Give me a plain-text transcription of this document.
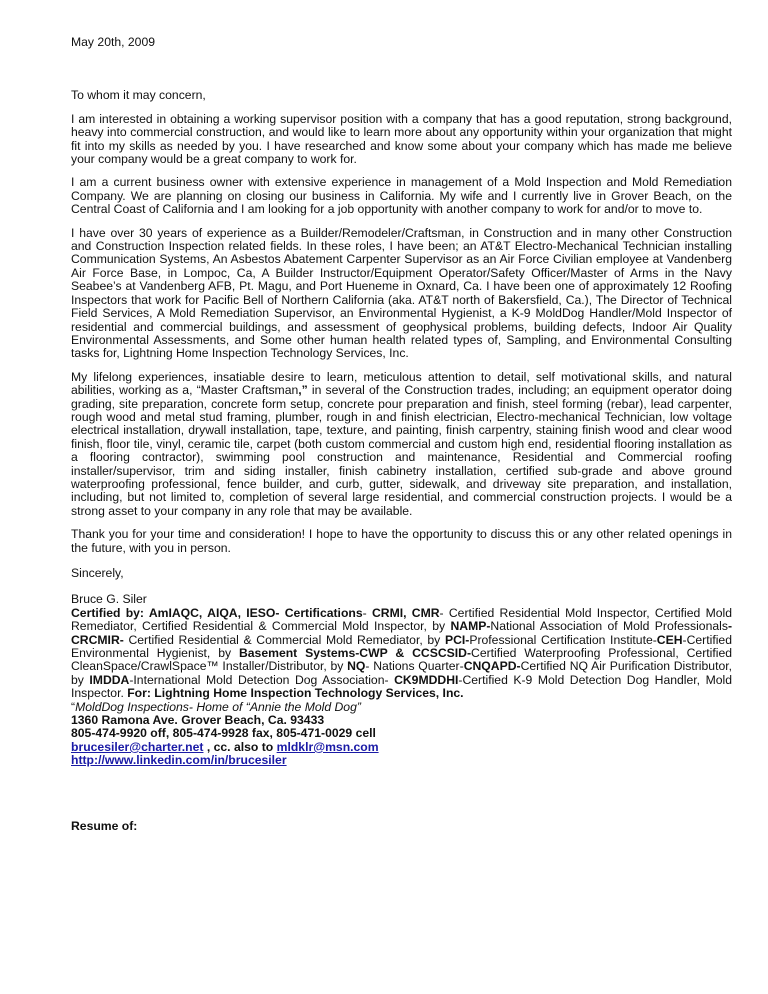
May 20th, 2009

To whom it may concern,

I am interested in obtaining a working supervisor position with a company that has a good reputation, strong background, heavy into commercial construction, and would like to learn more about any opportunity within your organization that might fit into my skills as needed by you. I have researched and know some about your company which has made me believe your company would be a great company to work for.

I am a current business owner with extensive experience in management of a Mold Inspection and Mold Remediation Company. We are planning on closing our business in California. My wife and I currently live in Grover Beach, on the Central Coast of California and I am looking for a job opportunity with another company to work for and/or to move to.

I have over 30 years of experience as a Builder/Remodeler/Craftsman, in Construction and in many other Construction and Construction Inspection related fields. In these roles, I have been; an AT&T Electro-Mechanical Technician installing Communication Systems, An Asbestos Abatement Carpenter Supervisor as an Air Force Civilian employee at Vandenberg Air Force Base, in Lompoc, Ca, A Builder Instructor/Equipment Operator/Safety Officer/Master of Arms in the Navy Seabee’s at Vandenberg AFB, Pt. Magu, and Port Hueneme in Oxnard, Ca. I have been one of approximately 12 Roofing Inspectors that work for Pacific Bell of Northern California (aka. AT&T north of Bakersfield, Ca.), The Director of Technical Field Services, A Mold Remediation Supervisor, an Environmental Hygienist, a K-9 MoldDog Handler/Mold Inspector of residential and commercial buildings, and assessment of geophysical problems, building defects, Indoor Air Quality Environmental Assessments, and Some other human health related types of, Sampling, and Environmental Consulting tasks for, Lightning Home Inspection Technology Services, Inc.

My lifelong experiences, insatiable desire to learn, meticulous attention to detail, self motivational skills, and natural abilities, working as a, “Master Craftsman,” in several of the Construction trades, including; an equipment operator doing grading, site preparation, concrete form setup, concrete pour preparation and finish, steel forming (rebar), lead carpenter, rough wood and metal stud framing, plumber, rough in and finish electrician, Electro-mechanical Technician, low voltage electrical installation, drywall installation, tape, texture, and painting, finish carpentry, staining finish wood and clear wood finish, floor tile, vinyl, ceramic tile, carpet (both custom commercial and custom high end, residential flooring installation as a flooring contractor), swimming pool construction and maintenance, Residential and Commercial roofing installer/supervisor, trim and siding installer, finish cabinetry installation, certified sub-grade and above ground waterproofing professional, fence builder, and curb, gutter, sidewalk, and driveway site preparation, and installation, including, but not limited to, completion of several large residential, and commercial construction projects. I would be a strong asset to your company in any role that may be available.

Thank you for your time and consideration! I hope to have the opportunity to discuss this or any other related openings in the future, with you in person.

Sincerely,

Bruce G. Siler

Certified by: AmIAQC, AIQA, IESO- Certifications- CRMI, CMR- Certified Residential Mold Inspector, Certified Mold Remediator, Certified Residential & Commercial Mold Inspector, by NAMP-National Association of Mold Professionals- CRCMIR- Certified Residential & Commercial Mold Remediator, by PCI-Professional Certification Institute-CEH-Certified Environmental Hygienist, by Basement Systems-CWP & CCSCSID-Certified Waterproofing Professional, Certified CleanSpace/CrawlSpace™ Installer/Distributor, by NQ- Nations Quarter-CNQAPD-Certified NQ Air Purification Distributor, by IMDDA-International Mold Detection Dog Association- CK9MDDHI-Certified K-9 Mold Detection Dog Handler, Mold Inspector. For: Lightning Home Inspection Technology Services, Inc.

“MoldDog Inspections- Home of “Annie the Mold Dog”

1360 Ramona Ave. Grover Beach, Ca. 93433

805-474-9920 off, 805-474-9928 fax, 805-471-0029 cell

brucesiler@charter.net , cc. also to mldklr@msn.com

http://www.linkedin.com/in/brucesiler

Resume of:
